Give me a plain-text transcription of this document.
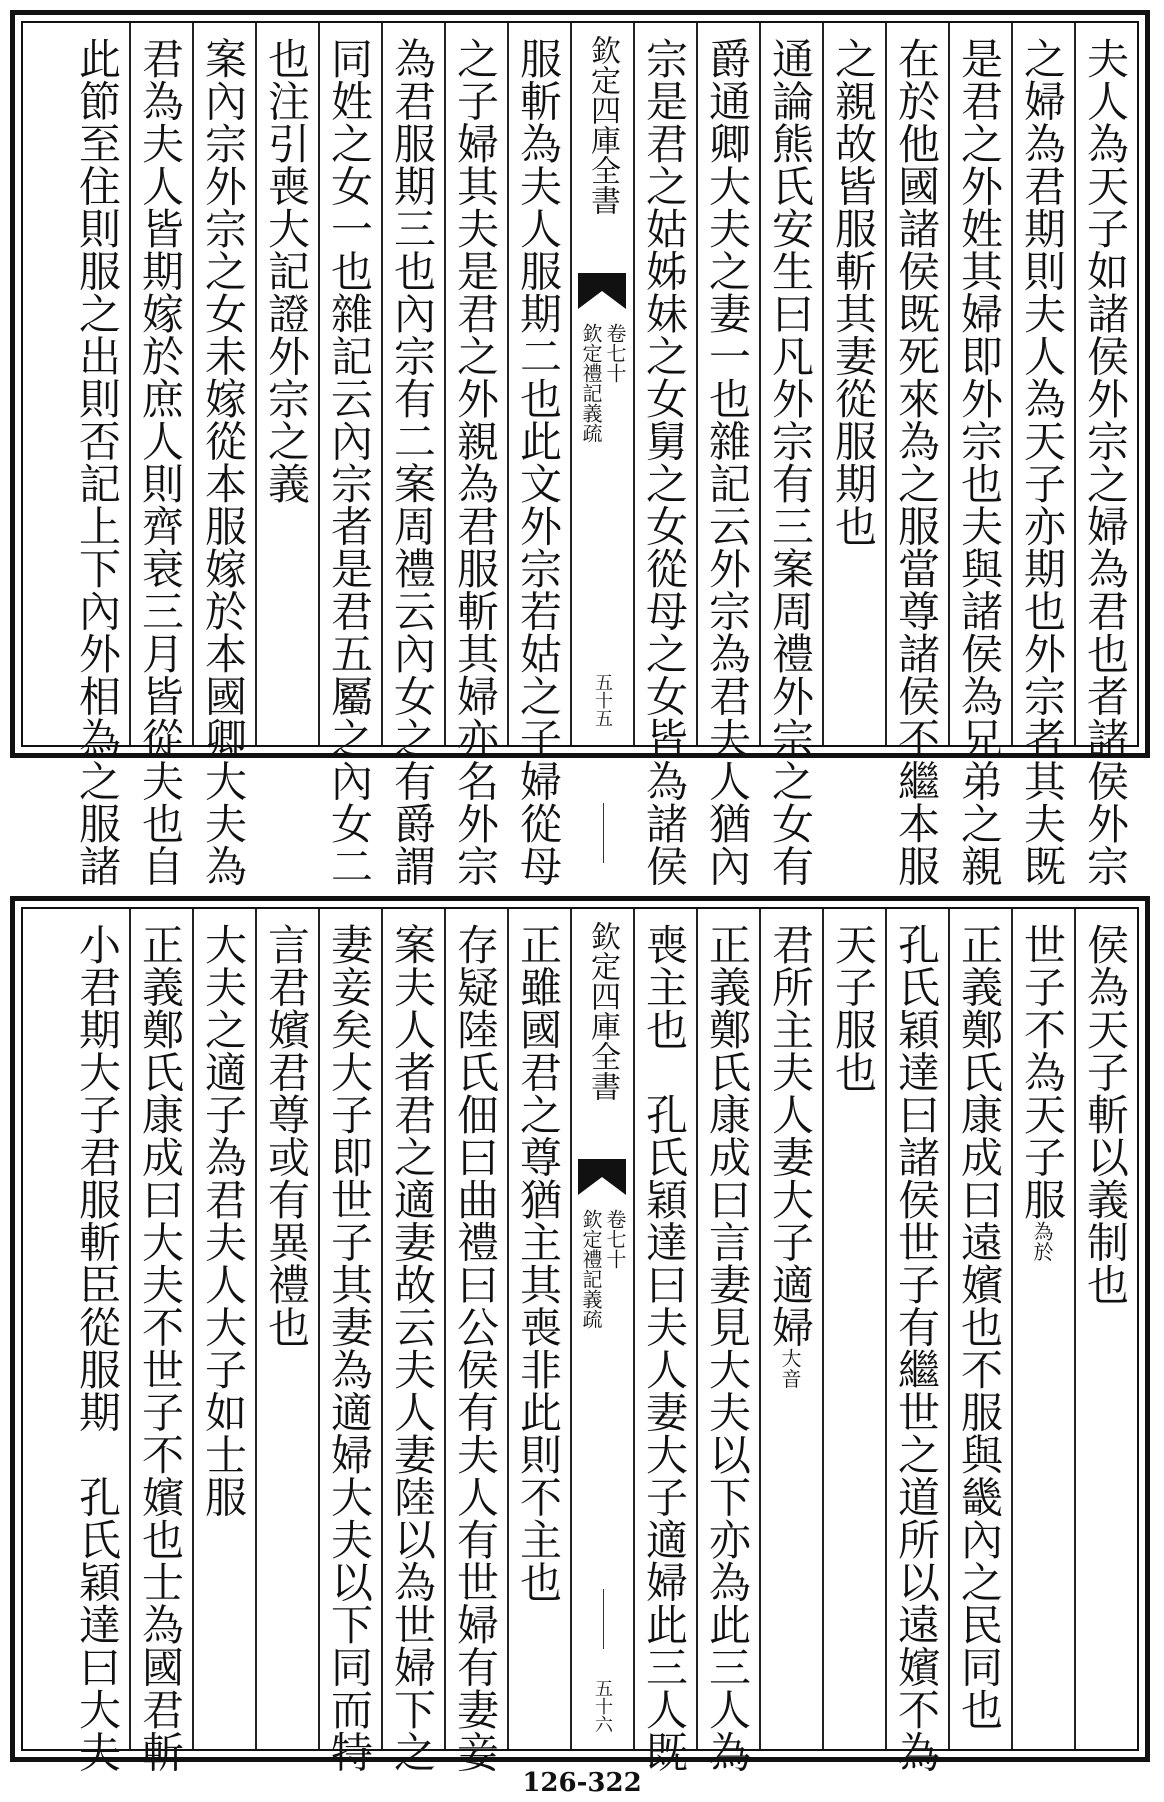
夫人為天子如諸侯外宗之婦為君也者諸侯外宗
之婦為君期則夫人為天子亦期也外宗者其夫既
是君之外姓其婦即外宗也夫與諸侯為兄弟之親
在於他國諸侯既死來為之服當尊諸侯不繼本服
之親故皆服斬其妻從服期也
通論熊氏安生曰凡外宗有三案周禮外宗之女有
爵通卿大夫之妻一也雜記云外宗為君夫人猶內
宗是君之姑姊妹之女舅之女從母之女皆為諸侯
欽定四庫全書
欽定禮記義疏 卷七十
五十五
服斬為夫人服期二也此文外宗若姑之子婦從母
之子婦其夫是君之外親為君服斬其婦亦名外宗
為君服期三也內宗有二案周禮云內女之有爵謂
同姓之女一也雜記云內宗者是君五屬之內女二
也注引喪大記證外宗之義
案內宗外宗之女未嫁從本服嫁於本國卿大夫為
君為夫人皆期嫁於庶人則齊衰三月皆從夫也自
此節至住則服之出則否記上下內外相為之服諸
侯為天子斬以義制也
世子不為天子服為於
正義鄭氏康成曰遠嬪也不服與畿內之民同也
孔氏穎達曰諸侯世子有繼世之道所以遠嬪不為
天子服也
君所主夫人妻大子適婦大音
正義鄭氏康成曰言妻見大夫以下亦為此三人為
喪主也　孔氏穎達曰夫人妻大子適婦此三人既
欽定四庫全書
欽定禮記義疏 卷七十
五十六
正雖國君之尊猶主其喪非此則不主也
存疑陸氏佃曰曲禮曰公侯有夫人有世婦有妻妾
案夫人者君之適妻故云夫人妻陸以為世婦下之
妻妾矣大子即世子其妻為適婦大夫以下同而特
言君嬪君尊或有異禮也
大夫之適子為君夫人大子如士服
正義鄭氏康成曰大夫不世子不嬪也士為國君斬
小君期大子君服斬臣從服期　孔氏穎達曰大夫
126-322
